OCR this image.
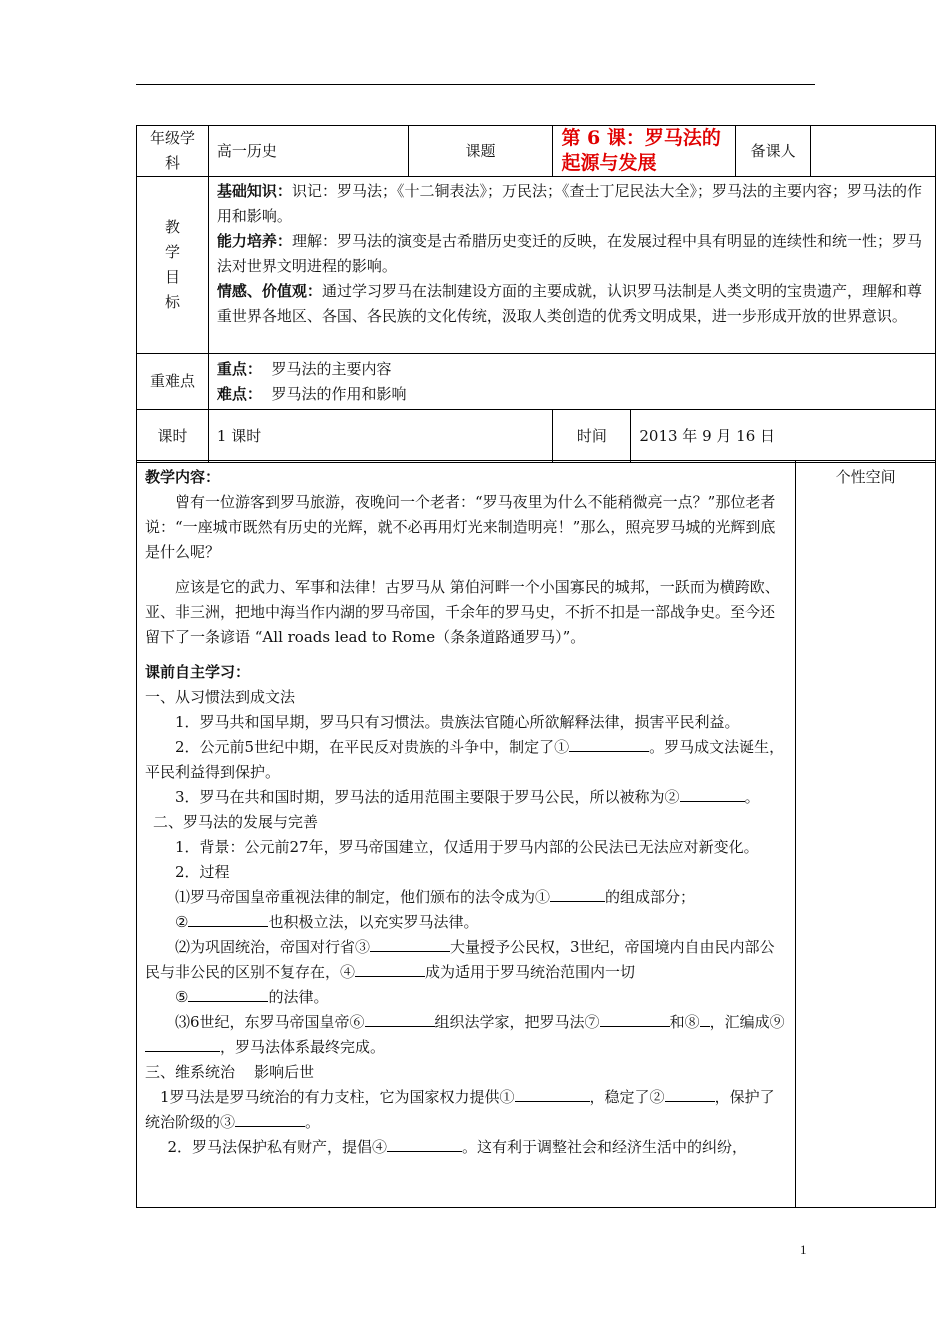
年级学科	高一历史	课题	第 6 课：罗马法的起源与发展		备课人	
教学目标	基础知识：识记：罗马法；《十二铜表法》；万民法；《查士丁尼民法大全》；罗马法的主要内容；罗马法的作用和影响。

能力培养：理解：罗马法的演变是古希腊历史变迁的反映，在发展过程中具有明显的连续性和统一性；罗马法对世界文明进程的影响。

情感、价值观：通过学习罗马在法制建设方面的主要成就，认识罗马法制是人类文明的宝贵遗产，理解和尊重世界各地区、各国、各民族的文化传统，汲取人类创造的优秀文明成果，进一步形成开放的世界意识。					

重难点	重点： 罗马法的主要内容
难点： 罗马法的作用和影响					

课时	1 课时		时间	2013 年 9 月 16 日		

教学内容：

曾有一位游客到罗马旅游，夜晚问一个老者：“罗马夜里为什么不能稍微亮一点？”那位老者说：“一座城市既然有历史的光辉，就不必再用灯光来制造明亮！”那么，照亮罗马城的光辉到底是什么呢？

应该是它的武力、军事和法律！古罗马从 第伯河畔一个小国寡民的城邦，一跃而为横跨欧、亚、非三洲，把地中海当作内湖的罗马帝国，千余年的罗马史，不折不扣是一部战争史。至今还留下了一条谚语 “All roads lead to Rome（条条道路通罗马）”。

课前自主学习：

一、从习惯法到成文法

1．罗马共和国早期，罗马只有习惯法。贵族法官随心所欲解释法律，损害平民利益。

2．公元前5世纪中期，在平民反对贵族的斗争中，制定了①	。罗马成文法诞生，平民利益得到保护。

3．罗马在共和国时期，罗马法的适用范围主要限于罗马公民，所以被称为②	。

二、罗马法的发展与完善

1．背景：公元前27年，罗马帝国建立，仅适用于罗马内部的公民法已无法应对新变化。

2．过程

⑴罗马帝国皇帝重视法律的制定，他们颁布的法令成为①	的组成部分；

②	也积极立法，以充实罗马法律。

⑵为巩固统治，帝国对行省③	大量授予公民权，3世纪，帝国境内自由民内部公民与非公民的区别不复存在，④	成为适用于罗马统治范围内一切

⑤	的法律。

⑶6世纪，东罗马帝国皇帝⑥	组织法学家，把罗马法⑦	和⑧ ，汇编成⑨，罗马法体系最终完成。

三、维系统治    影响后世

1罗马法是罗马统治的有力支柱，它为国家权力提供①	，稳定了②	，保护了统治阶级的③	。

2．罗马法保护私有财产，提倡④	。这有利于调整社会和经济生活中的纠纷，

	个性空间
1
